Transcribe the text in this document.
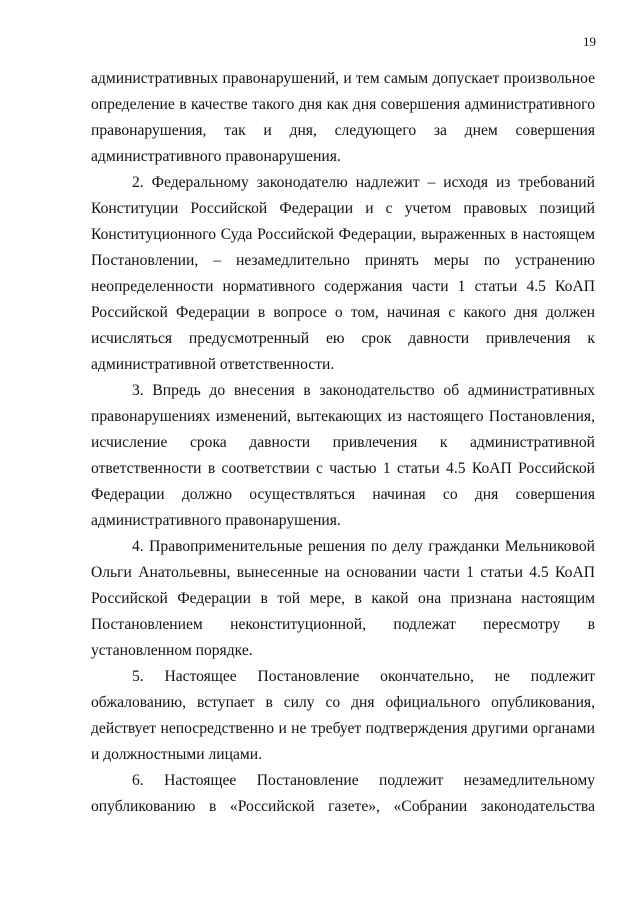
19

административных правонарушений, и тем самым допускает произвольное определение в качестве такого дня как дня совершения административного правонарушения, так и дня, следующего за днем совершения административного правонарушения.

2. Федеральному законодателю надлежит – исходя из требований Конституции Российской Федерации и с учетом правовых позиций Конституционного Суда Российской Федерации, выраженных в настоящем Постановлении, – незамедлительно принять меры по устранению неопределенности нормативного содержания части 1 статьи 4.5 КоАП Российской Федерации в вопросе о том, начиная с какого дня должен исчисляться предусмотренный ею срок давности привлечения к административной ответственности.

3. Впредь до внесения в законодательство об административных правонарушениях изменений, вытекающих из настоящего Постановления, исчисление срока давности привлечения к административной ответственности в соответствии с частью 1 статьи 4.5 КоАП Российской Федерации должно осуществляться начиная со дня совершения административного правонарушения.

4. Правоприменительные решения по делу гражданки Мельниковой Ольги Анатольевны, вынесенные на основании части 1 статьи 4.5 КоАП Российской Федерации в той мере, в какой она признана настоящим Постановлением неконституционной, подлежат пересмотру в установленном порядке.

5. Настоящее Постановление окончательно, не подлежит обжалованию, вступает в силу со дня официального опубликования, действует непосредственно и не требует подтверждения другими органами и должностными лицами.

6. Настоящее Постановление подлежит незамедлительному опубликованию в «Российской газете», «Собрании законодательства
